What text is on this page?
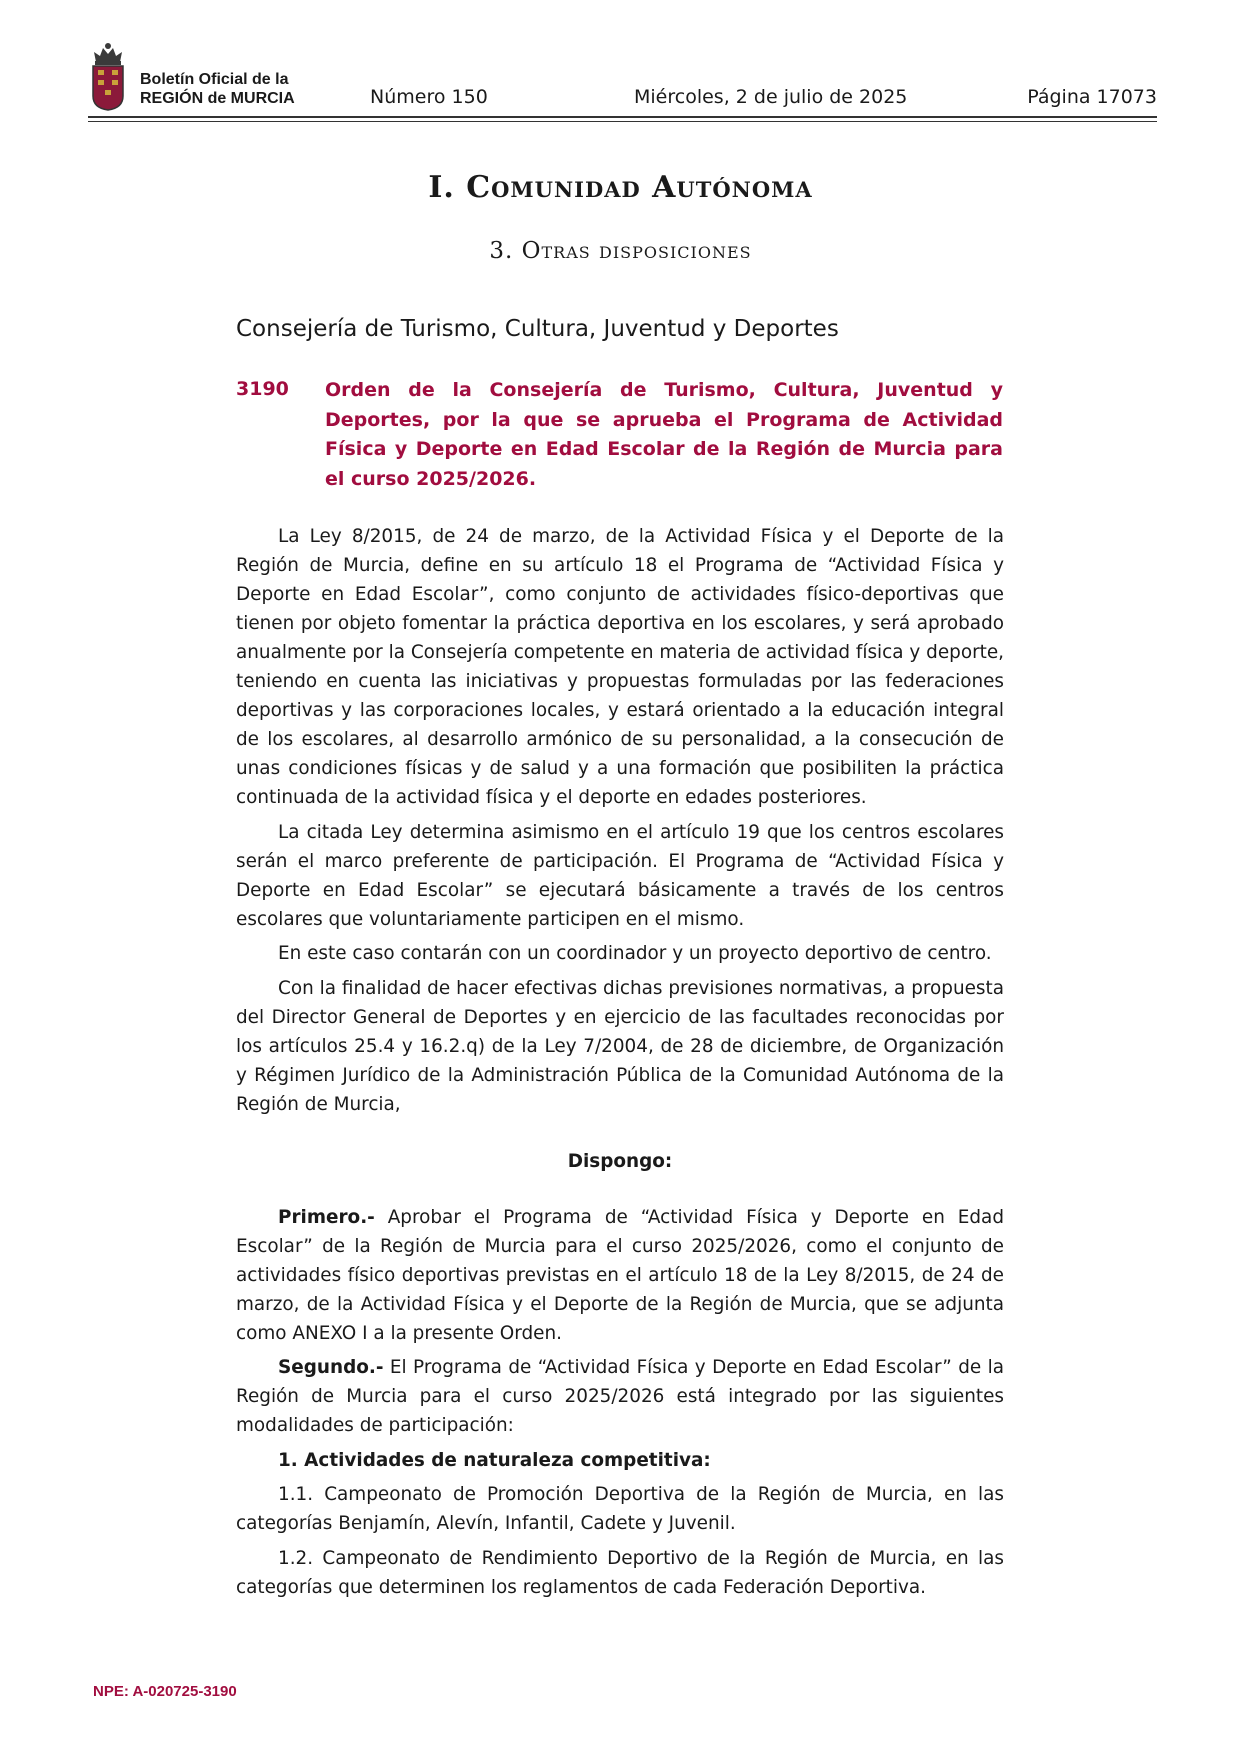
Boletín Oficial de la
REGIÓN de MURCIA	Número 150	Miércoles, 2 de julio de 2025	Página 17073
I. Comunidad Autónoma
3. Otras disposiciones
Consejería de Turismo, Cultura, Juventud y Deportes
3190 Orden de la Consejería de Turismo, Cultura, Juventud y Deportes, por la que se aprueba el Programa de Actividad Física y Deporte en Edad Escolar de la Región de Murcia para el curso 2025/2026.

La Ley 8/2015, de 24 de marzo, de la Actividad Física y el Deporte de la Región de Murcia, define en su artículo 18 el Programa de “Actividad Física y Deporte en Edad Escolar”, como conjunto de actividades físico-deportivas que tienen por objeto fomentar la práctica deportiva en los escolares, y será aprobado anualmente por la Consejería competente en materia de actividad física y deporte, teniendo en cuenta las iniciativas y propuestas formuladas por las federaciones deportivas y las corporaciones locales, y estará orientado a la educación integral de los escolares, al desarrollo armónico de su personalidad, a la consecución de unas condiciones físicas y de salud y a una formación que posibiliten la práctica continuada de la actividad física y el deporte en edades posteriores.

La citada Ley determina asimismo en el artículo 19 que los centros escolares serán el marco preferente de participación. El Programa de “Actividad Física y Deporte en Edad Escolar” se ejecutará básicamente a través de los centros escolares que voluntariamente participen en el mismo.

En este caso contarán con un coordinador y un proyecto deportivo de centro.

Con la finalidad de hacer efectivas dichas previsiones normativas, a propuesta del Director General de Deportes y en ejercicio de las facultades reconocidas por los artículos 25.4 y 16.2.q) de la Ley 7/2004, de 28 de diciembre, de Organización y Régimen Jurídico de la Administración Pública de la Comunidad Autónoma de la Región de Murcia,

Dispongo:

Primero.- Aprobar el Programa de “Actividad Física y Deporte en Edad Escolar” de la Región de Murcia para el curso 2025/2026, como el conjunto de actividades físico deportivas previstas en el artículo 18 de la Ley 8/2015, de 24 de marzo, de la Actividad Física y el Deporte de la Región de Murcia, que se adjunta como ANEXO I a la presente Orden.

Segundo.- El Programa de “Actividad Física y Deporte en Edad Escolar” de la Región de Murcia para el curso 2025/2026 está integrado por las siguientes modalidades de participación:

1. Actividades de naturaleza competitiva:

1.1. Campeonato de Promoción Deportiva de la Región de Murcia, en las categorías Benjamín, Alevín, Infantil, Cadete y Juvenil.

1.2. Campeonato de Rendimiento Deportivo de la Región de Murcia, en las categorías que determinen los reglamentos de cada Federación Deportiva.

NPE: A-020725-3190
